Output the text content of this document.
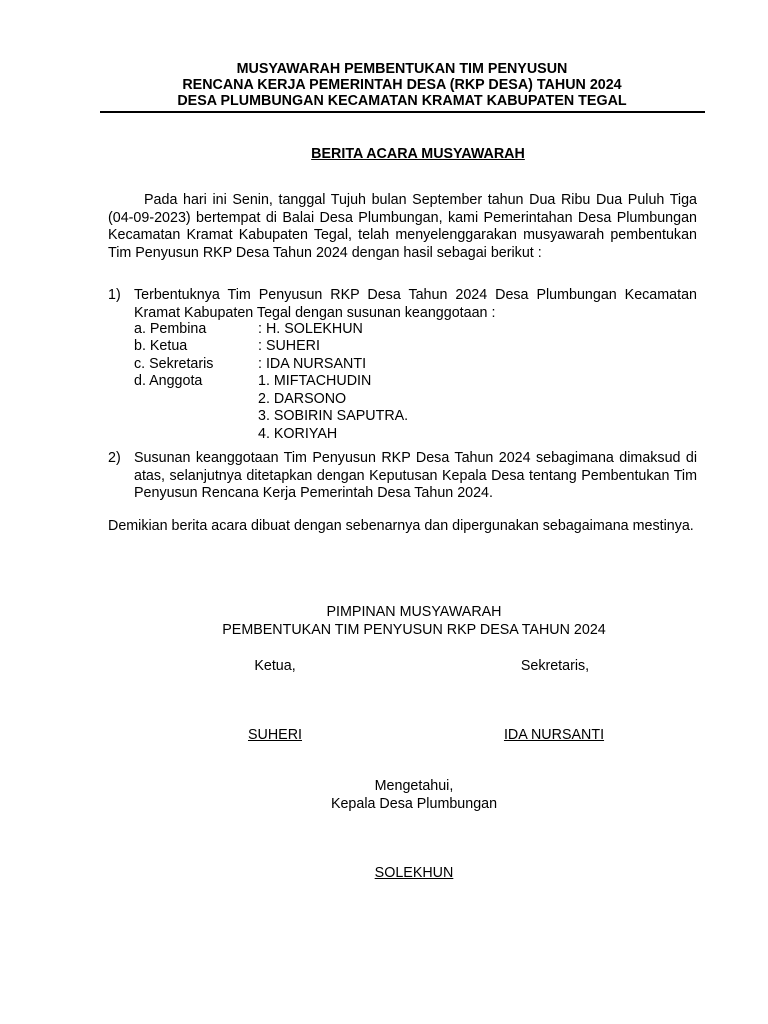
MUSYAWARAH PEMBENTUKAN TIM PENYUSUN
RENCANA KERJA PEMERINTAH DESA (RKP DESA) TAHUN 2024
DESA PLUMBUNGAN KECAMATAN KRAMAT KABUPATEN TEGAL
BERITA ACARA MUSYAWARAH
Pada hari ini Senin, tanggal Tujuh bulan September tahun Dua Ribu Dua Puluh Tiga (04-09-2023) bertempat di Balai Desa Plumbungan, kami Pemerintahan Desa Plumbungan Kecamatan Kramat Kabupaten Tegal, telah menyelenggarakan musyawarah pembentukan Tim Penyusun RKP Desa Tahun 2024 dengan hasil sebagai berikut :
1) Terbentuknya Tim Penyusun RKP Desa Tahun 2024 Desa Plumbungan Kecamatan Kramat Kabupaten Tegal dengan susunan keanggotaan :
a. Pembina	: H. SOLEKHUN
b. Ketua	: SUHERI
c. Sekretaris	: IDA NURSANTI
d. Anggota	1. MIFTACHUDIN
2. DARSONO
3. SOBIRIN SAPUTRA.
4. KORIYAH
2) Susunan keanggotaan Tim Penyusun RKP Desa Tahun 2024 sebagimana dimaksud di atas, selanjutnya ditetapkan dengan Keputusan Kepala Desa tentang Pembentukan Tim Penyusun Rencana Kerja Pemerintah Desa Tahun 2024.
Demikian berita acara dibuat dengan sebenarnya dan dipergunakan sebagaimana mestinya.
PIMPINAN MUSYAWARAH
PEMBENTUKAN TIM PENYUSUN RKP DESA TAHUN 2024
Ketua,	Sekretaris,
SUHERI	IDA NURSANTI
Mengetahui,
Kepala Desa Plumbungan
SOLEKHUN
